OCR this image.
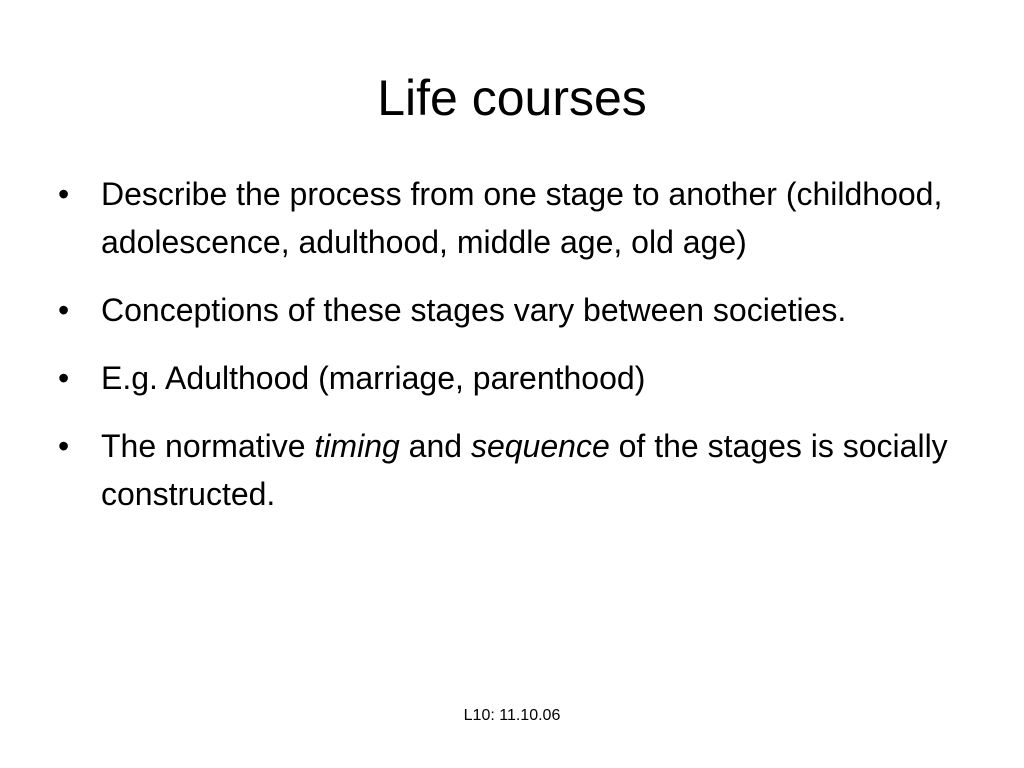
Life courses
• Describe the process from one stage to another (childhood, adolescence, adulthood, middle age, old age)
• Conceptions of these stages vary between societies.
• E.g. Adulthood (marriage, parenthood)
• The normative timing and sequence of the stages is socially constructed.
L10: 11.10.06
